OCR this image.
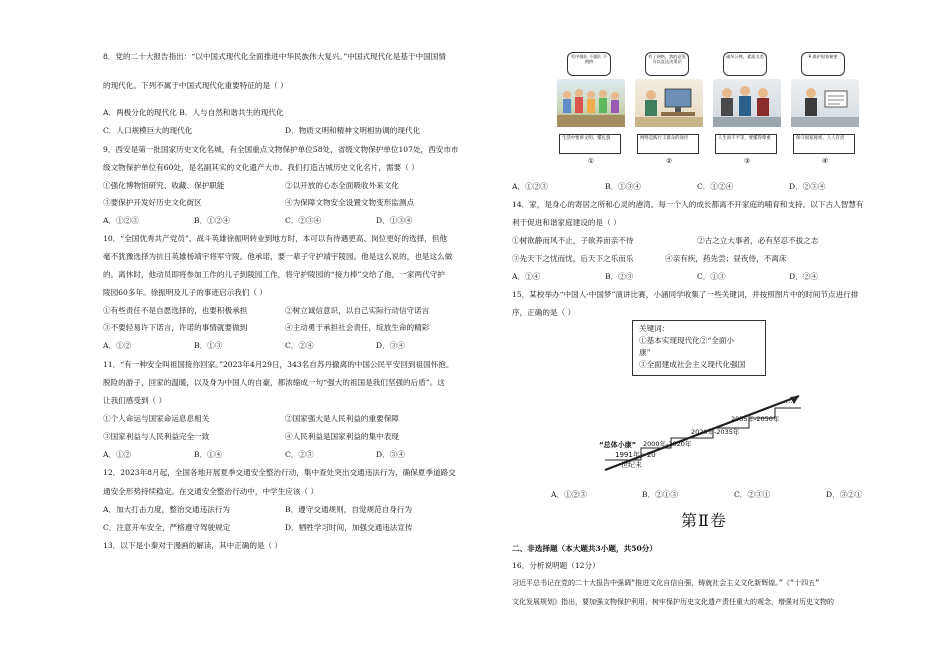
8．党的二十大报告指出：“以中国式现代化全面推进中华民族伟大复兴。”中国式现代化是基于中国国情
的现代化。下列不属于中国式现代化重要特征的是（ ）
A．两极分化的现代化 B．人与自然和谐共生的现代化
C．人口规模巨大的现代化	D．物质文明和精神文明相协调的现代化
9．西安是第一批国家历史文化名城，有全国重点文物保护单位58处，省级文物保护单位107处，西安市市
级文物保护单位有60处，是名副其实的文化遗产大市。我们打造古城历史文化名片，需要（ ）
①强化博物馆研究、收藏、保护职能	②以开放的心态全面吸收外来文化
③要保护开发好历史文化街区	④为保障文物安全设置文物变形监测点
A．①②③	B．①②④	C．②③④	D．①③④
10．“全国优秀共产党员”、战斗英雄徐振明转业到地方时，本可以有待遇更高、岗位更好的选择，但他
毫不犹豫选择为抗日英雄杨靖宇将军守陵。他承诺，要一辈子守护靖宇陵园。他是这么说的，也是这么做
的。离休时，他动员即将参加工作的儿子到陵园工作，将守护陵园的“接力棒”交给了他，一家两代守护
陵园60多年。徐振明及儿子的事迹启示我们（ ）
①有些责任不是自愿选择的，也要积极承担	②树立诚信意识，以自己实际行动信守诺言
③不要轻易许下诺言，许诺的事情就要做到	④主动勇于承担社会责任，绽放生命的精彩
A．①②	B．①③	C．②④	D．③④
11．“有一种安全叫祖国接你回家。”2023年4月29日，343名自苏丹撤离的中国公民平安回到祖国怀抱。
脱险的游子，回家的温暖，以及身为中国人的自豪，都浓缩成一句“强大的祖国是我们坚强的后盾”。这
让我们感受到（ ）
①个人命运与国家命运息息相关	②国家强大是人民利益的重要保障
③国家利益与人民利益完全一致	④人民利益是国家利益的集中表现
A．①②	B．①④	C．②③	D．③④
12．2023年8月起，全国各地开展夏季交通安全整治行动，集中查处突出交通违法行为，确保夏季道路交
通安全形势持续稳定。在交通安全整治行动中，中学生应该（ ）
A．加大打击力度，整治交通违法行为	B．遵守交通规则，自觉规范自身行为
C．注意开车安全，严格遵守驾驶规定	D．牺牲学习时间，加强交通违法宣传
13．以下是小秦对于漫画的解读，其中正确的是（ ）
有序排队 不插队 不拥挤
生活中要讲文明，懂礼貌
①
有了网络，我的意见可以直达决策层
网络是践行王群众的途径
②
破坏公物，素质太差
人生而不平等，要懂得尊重
③
¥ 保护国家秘密
保守国家秘密，人人有责
④
A．①②③	B．①③④	C．①②④	D．②③④
14．家，是身心的寄居之所和心灵的港湾。每一个人的成长都离不开家庭的哺育和支持。以下古人智慧有
利于促进和谐家庭建设的是（ ）
①树欲静而风不止，子欲养而亲不待	②古之立大事者，必有坚忍不拔之志
③先天下之忧而忧，后天下之乐而乐	④亲有疾，药先尝；昼夜侍，不离床
A．①④	B．②③	C．①③	D．②④
15．某校举办“中国人·中国梦”演讲比赛，小涵同学收集了一些关键词，并按照图片中的时间节点进行排
序，正确的是（ ）
关键词：
①基本实现现代化②“全面小
康”
③全面建成社会主义现代化强国
“总体小康”
1991年～20
世纪末
2000年-2020年
2020年-2035年
2035年-2050年
……
A．①②③	B．②①③	C．②③①	D．③②①
第Ⅱ卷
二、非选择题（本大题共3小题，共50分）
16．分析说明题（12分）
习近平总书记在党的二十大报告中强调“推进文化自信自强，铸就社会主义文化新辉煌。”《“十四五”
文化发展规划》指出，要加强文物保护利用，树牢保护历史文化遗产责任重大的观念，增强对历史文物的
